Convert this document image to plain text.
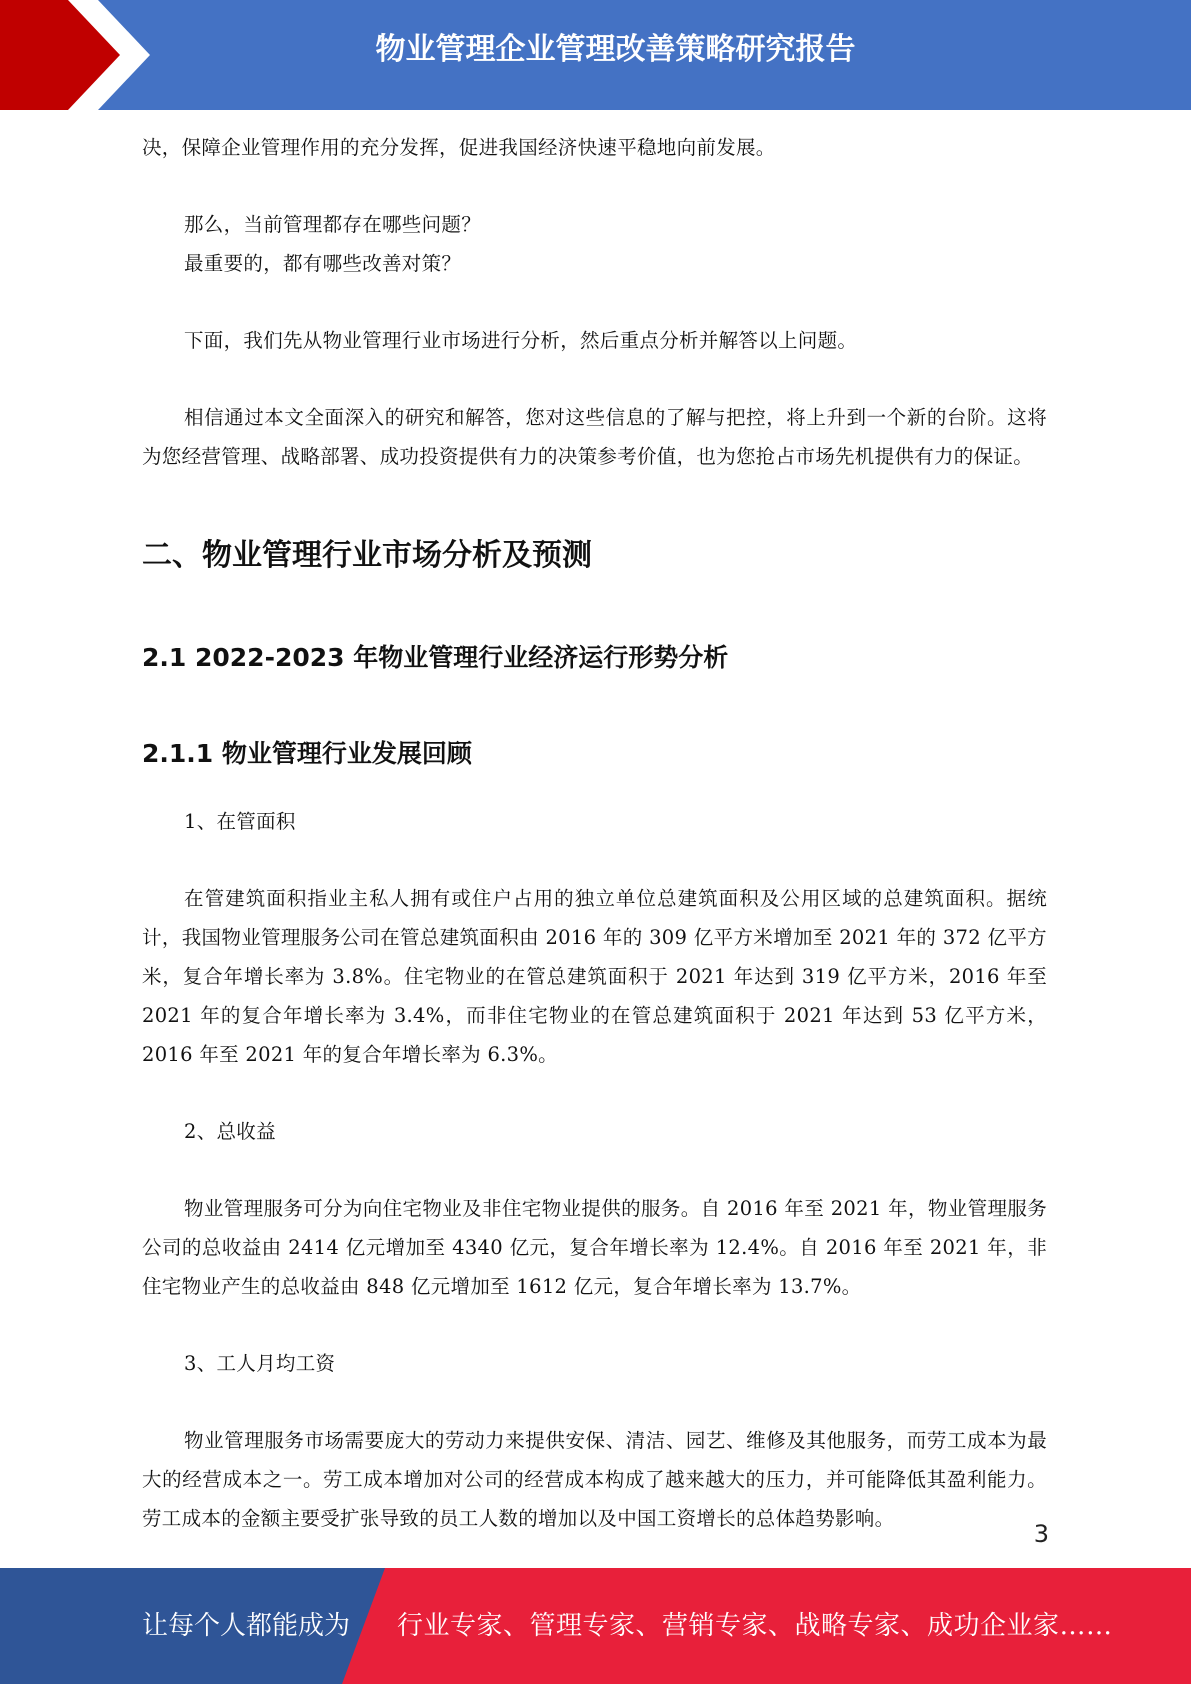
物业管理企业管理改善策略研究报告

决，保障企业管理作用的充分发挥，促进我国经济快速平稳地向前发展。

那么，当前管理都存在哪些问题？

最重要的，都有哪些改善对策？

下面，我们先从物业管理行业市场进行分析，然后重点分析并解答以上问题。

相信通过本文全面深入的研究和解答，您对这些信息的了解与把控，将上升到一个新的台阶。这将为您经营管理、战略部署、成功投资提供有力的决策参考价值，也为您抢占市场先机提供有力的保证。

二、物业管理行业市场分析及预测
2.1 2022-2023 年物业管理行业经济运行形势分析
2.1.1 物业管理行业发展回顾

1、在管面积

在管建筑面积指业主私人拥有或住户占用的独立单位总建筑面积及公用区域的总建筑面积。据统计，我国物业管理服务公司在管总建筑面积由 2016 年的 309 亿平方米增加至 2021 年的 372 亿平方米，复合年增长率为 3.8%。住宅物业的在管总建筑面积于 2021 年达到 319 亿平方米，2016 年至 2021 年的复合年增长率为 3.4%，而非住宅物业的在管总建筑面积于 2021 年达到 53 亿平方米，2016 年至 2021 年的复合年增长率为 6.3%。

2、总收益

物业管理服务可分为向住宅物业及非住宅物业提供的服务。自 2016 年至 2021 年，物业管理服务公司的总收益由 2414 亿元增加至 4340 亿元，复合年增长率为 12.4%。自 2016 年至 2021 年，非住宅物业产生的总收益由 848 亿元增加至 1612 亿元，复合年增长率为 13.7%。

3、工人月均工资

物业管理服务市场需要庞大的劳动力来提供安保、清洁、园艺、维修及其他服务，而劳工成本为最大的经营成本之一。劳工成本增加对公司的经营成本构成了越来越大的压力，并可能降低其盈利能力。劳工成本的金额主要受扩张导致的员工人数的增加以及中国工资增长的总体趋势影响。

3
让每个人都能成为 行业专家、管理专家、营销专家、战略专家、成功企业家……
